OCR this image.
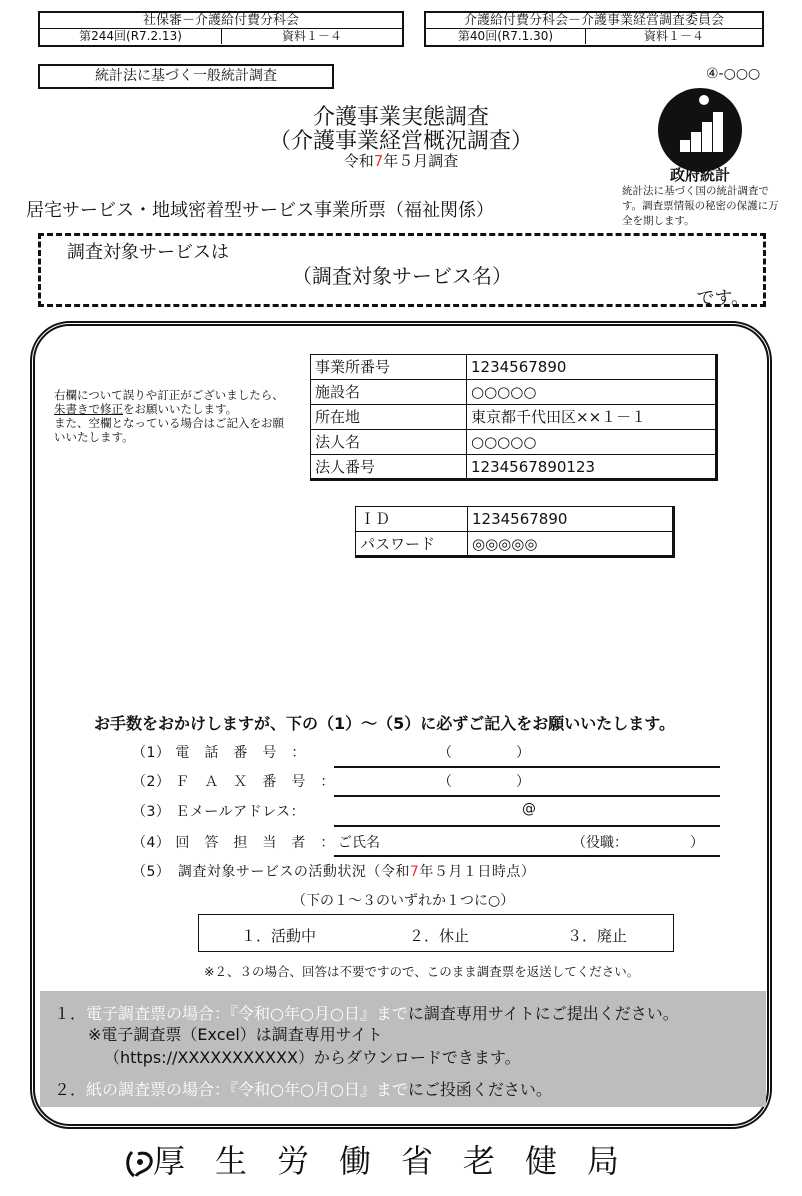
社保審－介護給付費分科会
第244回(R7.2.13)	資料１－４
介護給付費分科会－介護事業経営調査委員会
第40回(R7.1.30)	資料１－４
統計法に基づく一般統計調査	④-○○○
政府統計
統計法に基づく国の統計調査です。調査票情報の秘密の保護に万全を期します。
介護事業実態調査
（介護事業経営概況調査）
令和7年５月調査
居宅サービス・地域密着型サービス事業所票（福祉関係）
調査対象サービスは
（調査対象サービス名）
です。
右欄について誤りや訂正がございましたら、朱書きで修正をお願いいたします。
また、空欄となっている場合はご記入をお願いいたします。
事業所番号	1234567890
施設名	○○○○○
所在地	東京都千代田区××１－１
法人名	○○○○○
法人番号	1234567890123
ＩＤ	1234567890
パスワード	◎◎◎◎◎
お手数をおかけしますが、下の（1）～（5）に必ずご記入をお願いいたします。
（1） 電　話　番　号　：	（	）
（2） Ｆ　Ａ　Ｘ　番　号　：	（	）
（3） Ｅメールアドレス：	@
（4） 回　答　担　当　者　： ご氏名	（役職：	）
（5）　調査対象サービスの活動状況（令和7年５月１日時点）
（下の１～３のいずれか１つに○）
１．活動中	２．休止	３．廃止
※２、３の場合、回答は不要ですので、このまま調査票を返送してください。
１．電子調査票の場合：『令和○年○月○日』までに調査専用サイトにご提出ください。
※電子調査票（Excel）は調査専用サイト
（https://XXXXXXXXXXX）からダウンロードできます。
２．紙の調査票の場合：『令和○年○月○日』までにご投函ください。
厚生労働省老健局
